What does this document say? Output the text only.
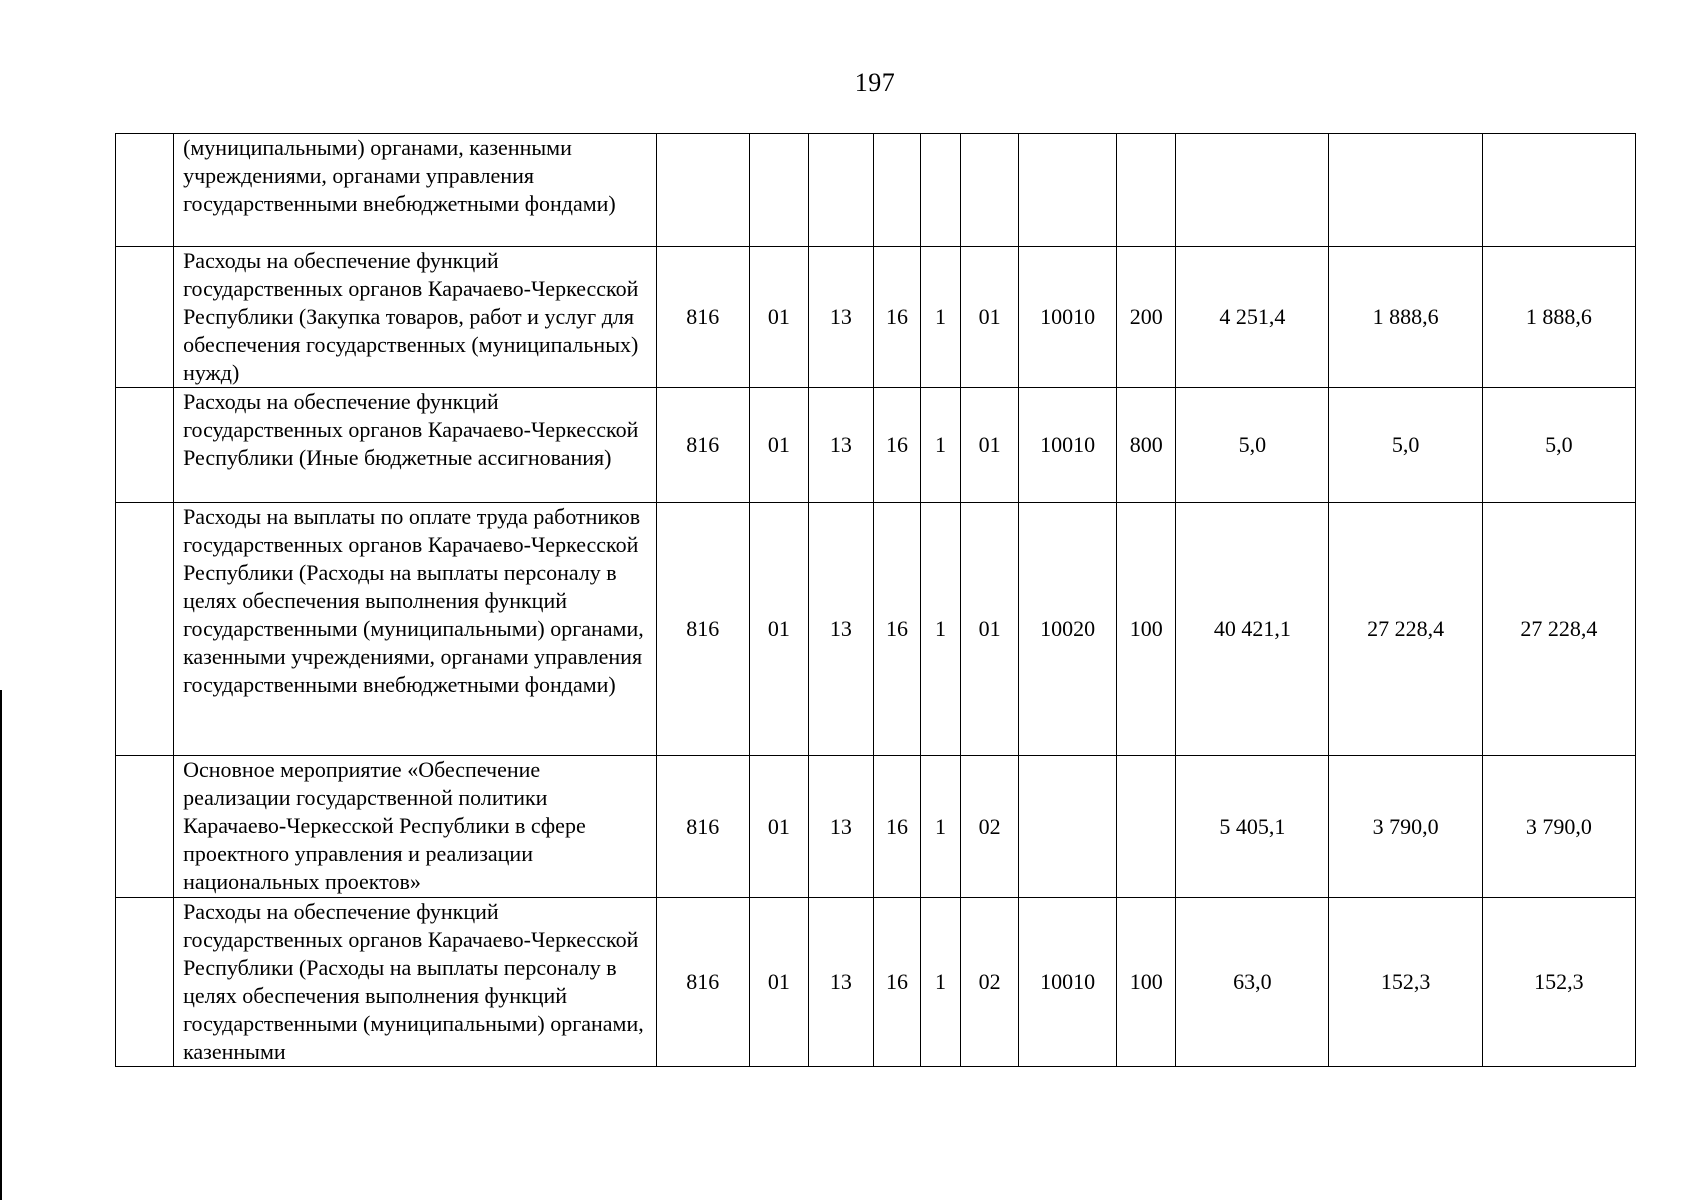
197
	(муниципальными) органами, казенными учреждениями, органами управления государственными внебюджетными фондами)											
	Расходы на обеспечение функций государственных органов Карачаево-Черкесской Республики (Закупка товаров, работ и услуг для обеспечения государственных (муниципальных) нужд)	816	01	13	16	1	01	10010	200	4 251,4	1 888,6	1 888,6
	Расходы на обеспечение функций государственных органов Карачаево-Черкесской Республики (Иные бюджетные ассигнования)	816	01	13	16	1	01	10010	800	5,0	5,0	5,0
	Расходы на выплаты по оплате труда работников государственных органов Карачаево-Черкесской Республики (Расходы на выплаты персоналу в целях обеспечения выполнения функций государственными (муниципальными) органами, казенными учреждениями, органами управления государственными внебюджетными фондами)	816	01	13	16	1	01	10020	100	40 421,1	27 228,4	27 228,4
	Основное мероприятие «Обеспечение реализации государственной политики Карачаево-Черкесской Республики в сфере проектного управления и реализации национальных проектов»	816	01	13	16	1	02			5 405,1	3 790,0	3 790,0
	Расходы на обеспечение функций государственных органов Карачаево-Черкесской Республики (Расходы на выплаты персоналу в целях обеспечения выполнения функций государственными (муниципальными) органами, казенными	816	01	13	16	1	02	10010	100	63,0	152,3	152,3
